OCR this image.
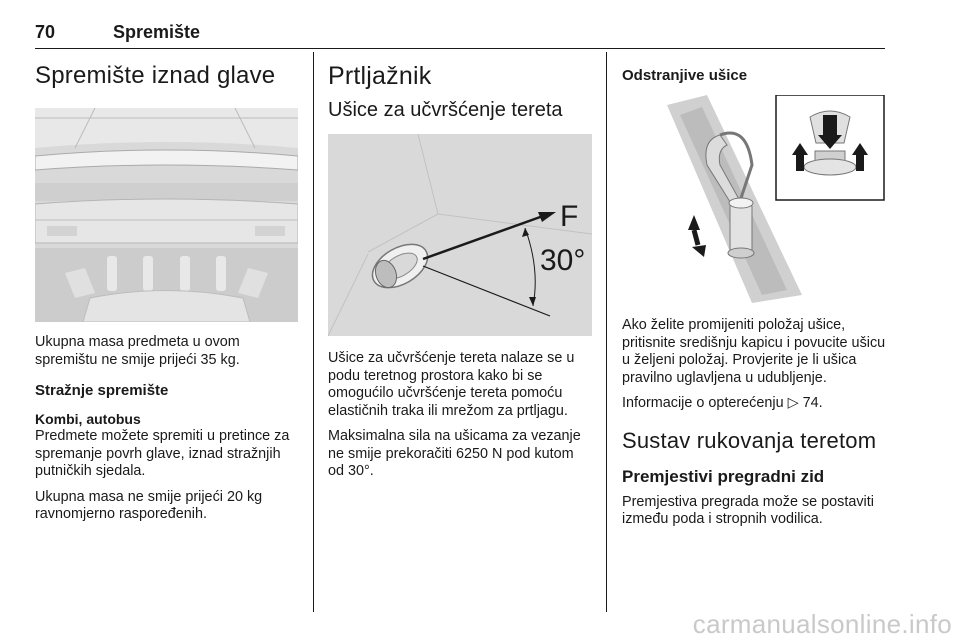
70	Spremište
Spremište iznad glave

Ukupna masa predmeta u ovom spremištu ne smije prijeći 35 kg.

Stražnje spremište
Kombi, autobus

Predmete možete spremiti u pretince za spremanje povrh glave, iznad stražnjih putničkih sjedala.

Ukupna masa ne smije prijeći 20 kg ravnomjerno raspoređenih.

Prtljažnik
Ušice za učvršćenje tereta
F
30°

Ušice za učvršćenje tereta nalaze se u podu teretnog prostora kako bi se omogućilo učvršćenje tereta pomoću elastičnih traka ili mrežom za prtljagu.

Maksimalna sila na ušicama za vezanje ne smije prekoračiti 6250 N pod kutom od 30°.

Odstranjive ušice

Ako želite promijeniti položaj ušice, pritisnite središnju kapicu i povucite ušicu u željeni položaj. Provjerite je li ušica pravilno uglavljena u udubljenje.

Informacije o opterećenju ▷ 74.

Sustav rukovanja teretom
Premjestivi pregradni zid

Premjestiva pregrada može se postaviti između poda i stropnih vodilica.

carmanualsonline.info
